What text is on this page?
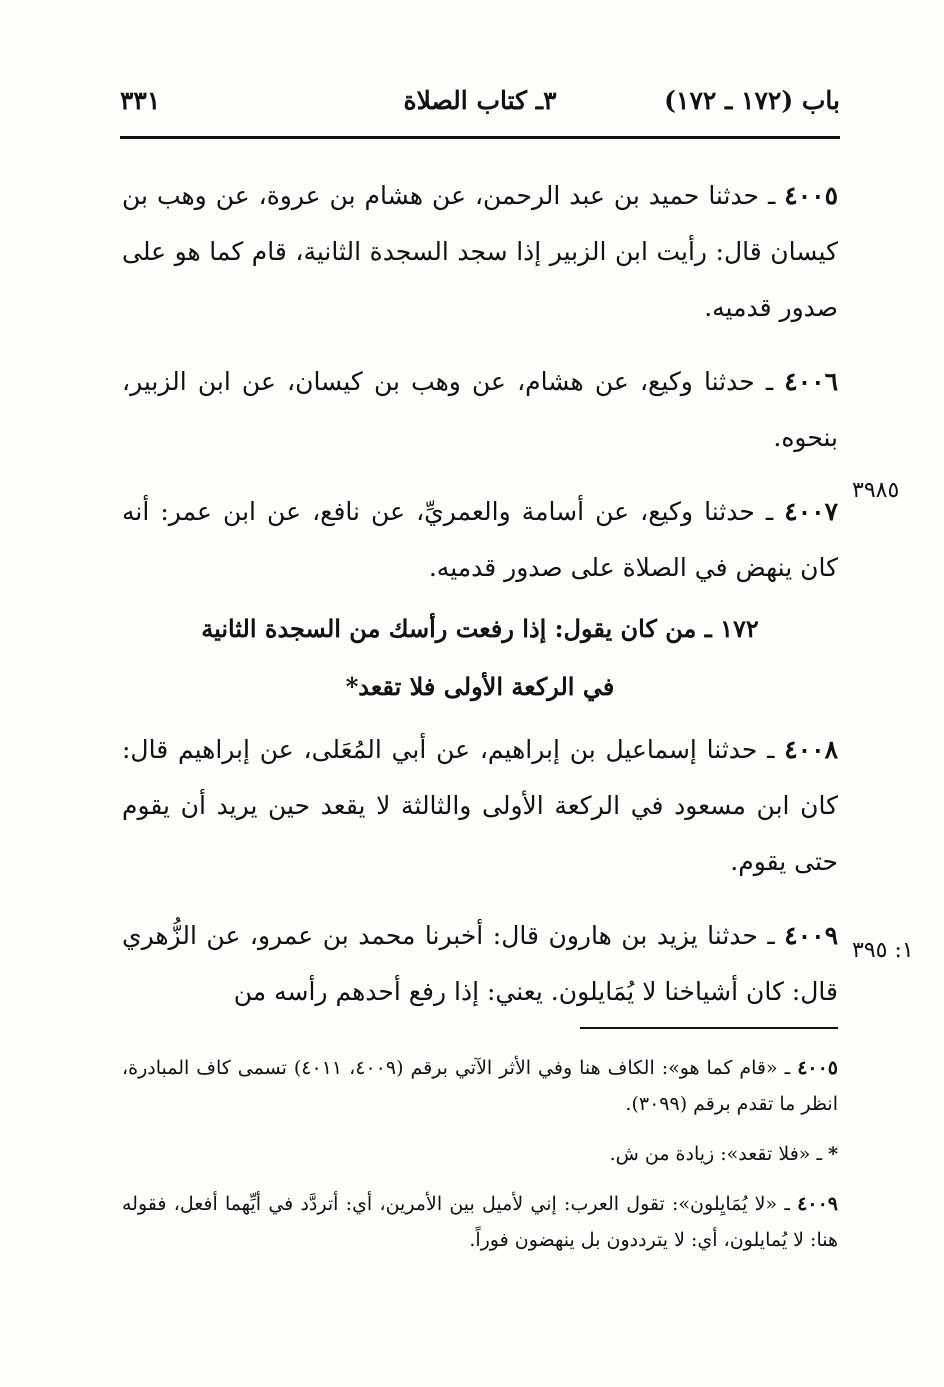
باب (١٧٢ ـ ١٧٢)
٣ـ كتاب الصلاة
٣٣١
٣٩٨٥
١: ٣٩٥

٤٠٠٥ ـ حدثنا حميد بن عبد الرحمن، عن هشام بن عروة، عن وهب بن كيسان قال: رأيت ابن الزبير إذا سجد السجدة الثانية، قام كما هو على صدور قدميه.

٤٠٠٦ ـ حدثنا وكيع، عن هشام، عن وهب بن كيسان، عن ابن الزبير، بنحوه.

٤٠٠٧ ـ حدثنا وكيع، عن أسامة والعمريِّ، عن نافع، عن ابن عمر: أنه كان ينهض في الصلاة على صدور قدميه.

١٧٢ ـ من كان يقول: إذا رفعت رأسك من السجدة الثانية
في الركعة الأولى فلا تقعد*

٤٠٠٨ ـ حدثنا إسماعيل بن إبراهيم، عن أبي المُعَلى، عن إبراهيم قال: كان ابن مسعود في الركعة الأولى والثالثة لا يقعد حين يريد أن يقوم حتى يقوم.

٤٠٠٩ ـ حدثنا يزيد بن هارون قال: أخبرنا محمد بن عمرو، عن الزُّهري قال: كان أشياخنا لا يُمَايلون. يعني: إذا رفع أحدهم رأسه من

٤٠٠٥ ـ «قام كما هو»: الكاف هنا وفي الأثر الآتي برقم (٤٠٠٩، ٤٠١١) تسمى كاف المبادرة، انظر ما تقدم برقم (٣٠٩٩).

* ـ «فلا تقعد»: زيادة من ش.

٤٠٠٩ ـ «لا يُمَايِلون»: تقول العرب: إني لأميل بين الأمرين، أي: أتردَّد في أيِّهما أفعل، فقوله هنا: لا يُمايلون، أي: لا يترددون بل ينهضون فوراً.
